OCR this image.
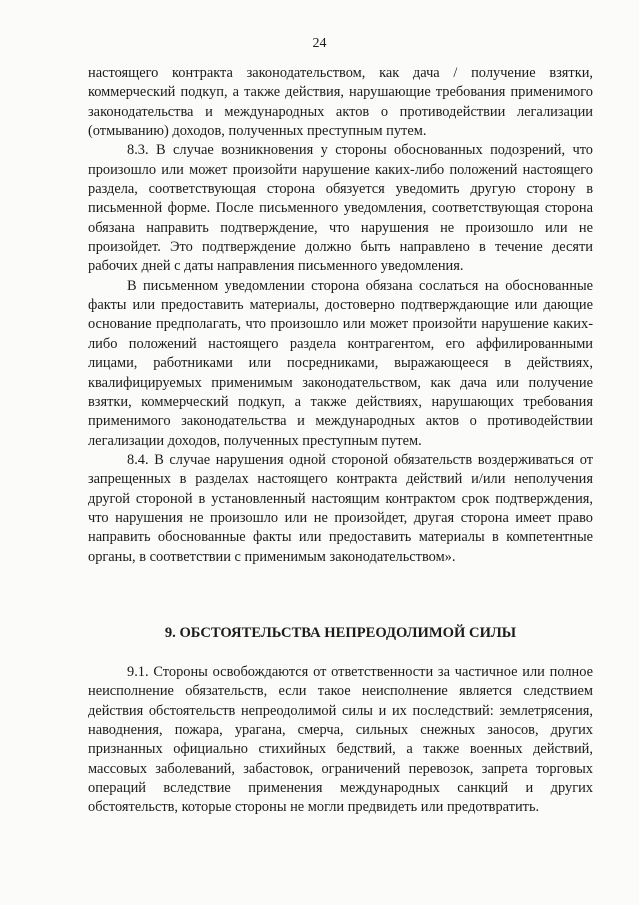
24

настоящего контракта законодательством, как дача / получение взятки, коммерческий подкуп, а также действия, нарушающие требования применимого законодательства и международных актов о противодействии легализации (отмыванию) доходов, полученных преступным путем.

8.3. В случае возникновения у стороны обоснованных подозрений, что произошло или может произойти нарушение каких-либо положений настоящего раздела, соответствующая сторона обязуется уведомить другую сторону в письменной форме. После письменного уведомления, соответствующая сторона обязана направить подтверждение, что нарушения не произошло или не произойдет. Это подтверждение должно быть направлено в течение десяти рабочих дней с даты направления письменного уведомления.

В письменном уведомлении сторона обязана сослаться на обоснованные факты или предоставить материалы, достоверно подтверждающие или дающие основание предполагать, что произошло или может произойти нарушение каких-либо положений настоящего раздела контрагентом, его аффилированными лицами, работниками или посредниками, выражающееся в действиях, квалифицируемых применимым законодательством, как дача или получение взятки, коммерческий подкуп, а также действиях, нарушающих требования применимого законодательства и международных актов о противодействии легализации доходов, полученных преступным путем.

8.4. В случае нарушения одной стороной обязательств воздерживаться от запрещенных в разделах настоящего контракта действий и/или неполучения другой стороной в установленный настоящим контрактом срок подтверждения, что нарушения не произошло или не произойдет, другая сторона имеет право направить обоснованные факты или предоставить материалы в компетентные органы, в соответствии с применимым законодательством».

9. ОБСТОЯТЕЛЬСТВА НЕПРЕОДОЛИМОЙ СИЛЫ

9.1. Стороны освобождаются от ответственности за частичное или полное неисполнение обязательств, если такое неисполнение является следствием действия обстоятельств непреодолимой силы и их последствий: землетрясения, наводнения, пожара, урагана, смерча, сильных снежных заносов, других признанных официально стихийных бедствий, а также военных действий, массовых заболеваний, забастовок, ограничений перевозок, запрета торговых операций вследствие применения международных санкций и других обстоятельств, которые стороны не могли предвидеть или предотвратить.
